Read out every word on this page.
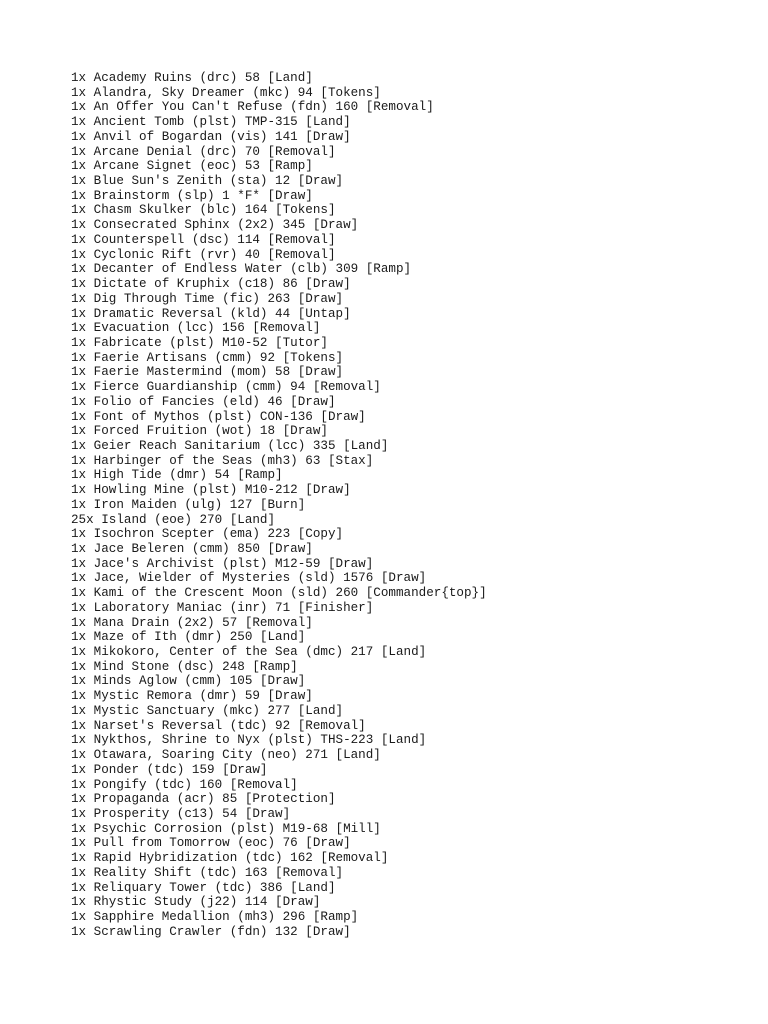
1x Academy Ruins (drc) 58 [Land]
1x Alandra, Sky Dreamer (mkc) 94 [Tokens]
1x An Offer You Can't Refuse (fdn) 160 [Removal]
1x Ancient Tomb (plst) TMP-315 [Land]
1x Anvil of Bogardan (vis) 141 [Draw]
1x Arcane Denial (drc) 70 [Removal]
1x Arcane Signet (eoc) 53 [Ramp]
1x Blue Sun's Zenith (sta) 12 [Draw]
1x Brainstorm (slp) 1 *F* [Draw]
1x Chasm Skulker (blc) 164 [Tokens]
1x Consecrated Sphinx (2x2) 345 [Draw]
1x Counterspell (dsc) 114 [Removal]
1x Cyclonic Rift (rvr) 40 [Removal]
1x Decanter of Endless Water (clb) 309 [Ramp]
1x Dictate of Kruphix (c18) 86 [Draw]
1x Dig Through Time (fic) 263 [Draw]
1x Dramatic Reversal (kld) 44 [Untap]
1x Evacuation (lcc) 156 [Removal]
1x Fabricate (plst) M10-52 [Tutor]
1x Faerie Artisans (cmm) 92 [Tokens]
1x Faerie Mastermind (mom) 58 [Draw]
1x Fierce Guardianship (cmm) 94 [Removal]
1x Folio of Fancies (eld) 46 [Draw]
1x Font of Mythos (plst) CON-136 [Draw]
1x Forced Fruition (wot) 18 [Draw]
1x Geier Reach Sanitarium (lcc) 335 [Land]
1x Harbinger of the Seas (mh3) 63 [Stax]
1x High Tide (dmr) 54 [Ramp]
1x Howling Mine (plst) M10-212 [Draw]
1x Iron Maiden (ulg) 127 [Burn]
25x Island (eoe) 270 [Land]
1x Isochron Scepter (ema) 223 [Copy]
1x Jace Beleren (cmm) 850 [Draw]
1x Jace's Archivist (plst) M12-59 [Draw]
1x Jace, Wielder of Mysteries (sld) 1576 [Draw]
1x Kami of the Crescent Moon (sld) 260 [Commander{top}]
1x Laboratory Maniac (inr) 71 [Finisher]
1x Mana Drain (2x2) 57 [Removal]
1x Maze of Ith (dmr) 250 [Land]
1x Mikokoro, Center of the Sea (dmc) 217 [Land]
1x Mind Stone (dsc) 248 [Ramp]
1x Minds Aglow (cmm) 105 [Draw]
1x Mystic Remora (dmr) 59 [Draw]
1x Mystic Sanctuary (mkc) 277 [Land]
1x Narset's Reversal (tdc) 92 [Removal]
1x Nykthos, Shrine to Nyx (plst) THS-223 [Land]
1x Otawara, Soaring City (neo) 271 [Land]
1x Ponder (tdc) 159 [Draw]
1x Pongify (tdc) 160 [Removal]
1x Propaganda (acr) 85 [Protection]
1x Prosperity (c13) 54 [Draw]
1x Psychic Corrosion (plst) M19-68 [Mill]
1x Pull from Tomorrow (eoc) 76 [Draw]
1x Rapid Hybridization (tdc) 162 [Removal]
1x Reality Shift (tdc) 163 [Removal]
1x Reliquary Tower (tdc) 386 [Land]
1x Rhystic Study (j22) 114 [Draw]
1x Sapphire Medallion (mh3) 296 [Ramp]
1x Scrawling Crawler (fdn) 132 [Draw]
